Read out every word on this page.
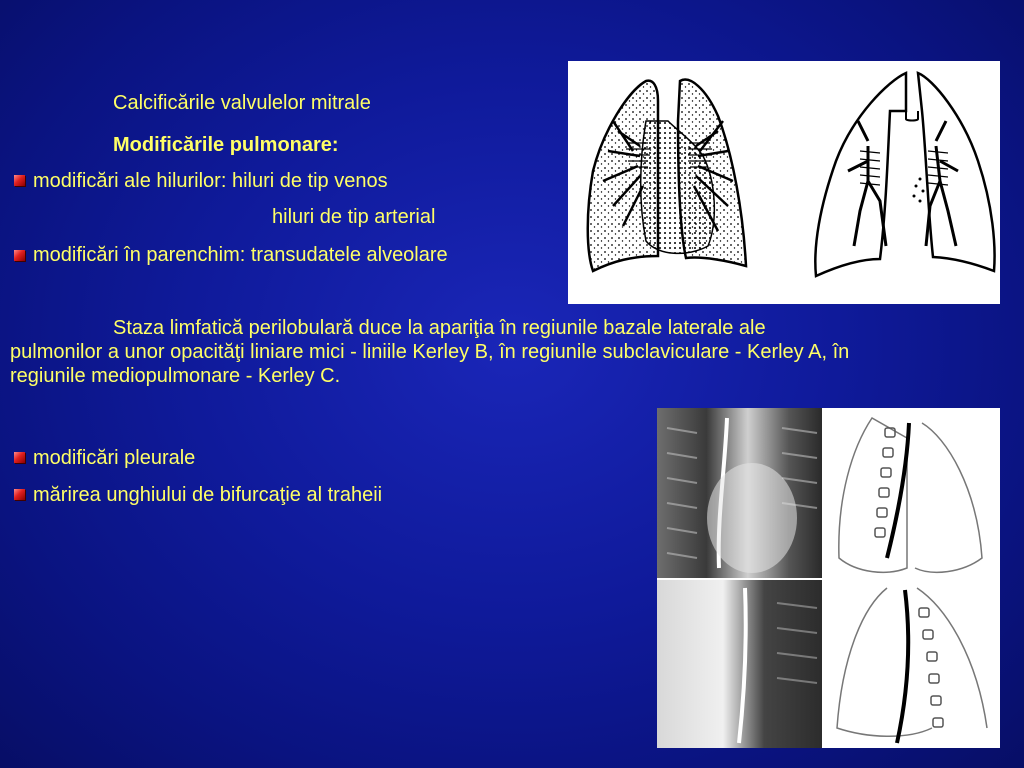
Calcificările valvulelor mitrale
Modificările pulmonare:
modificări ale hilurilor: hiluri de tip venos
hiluri de tip arterial
modificări în parenchim: transudatele alveolare
Staza limfatică perilobulară duce la apariţia în regiunile bazale laterale ale pulmonilor a unor opacităţi liniare mici - liniile Kerley B, în regiunile subclaviculare - Kerley A, în regiunile mediopulmonare - Kerley C.
modificări pleurale
mărirea unghiului de bifurcaţie al traheii
